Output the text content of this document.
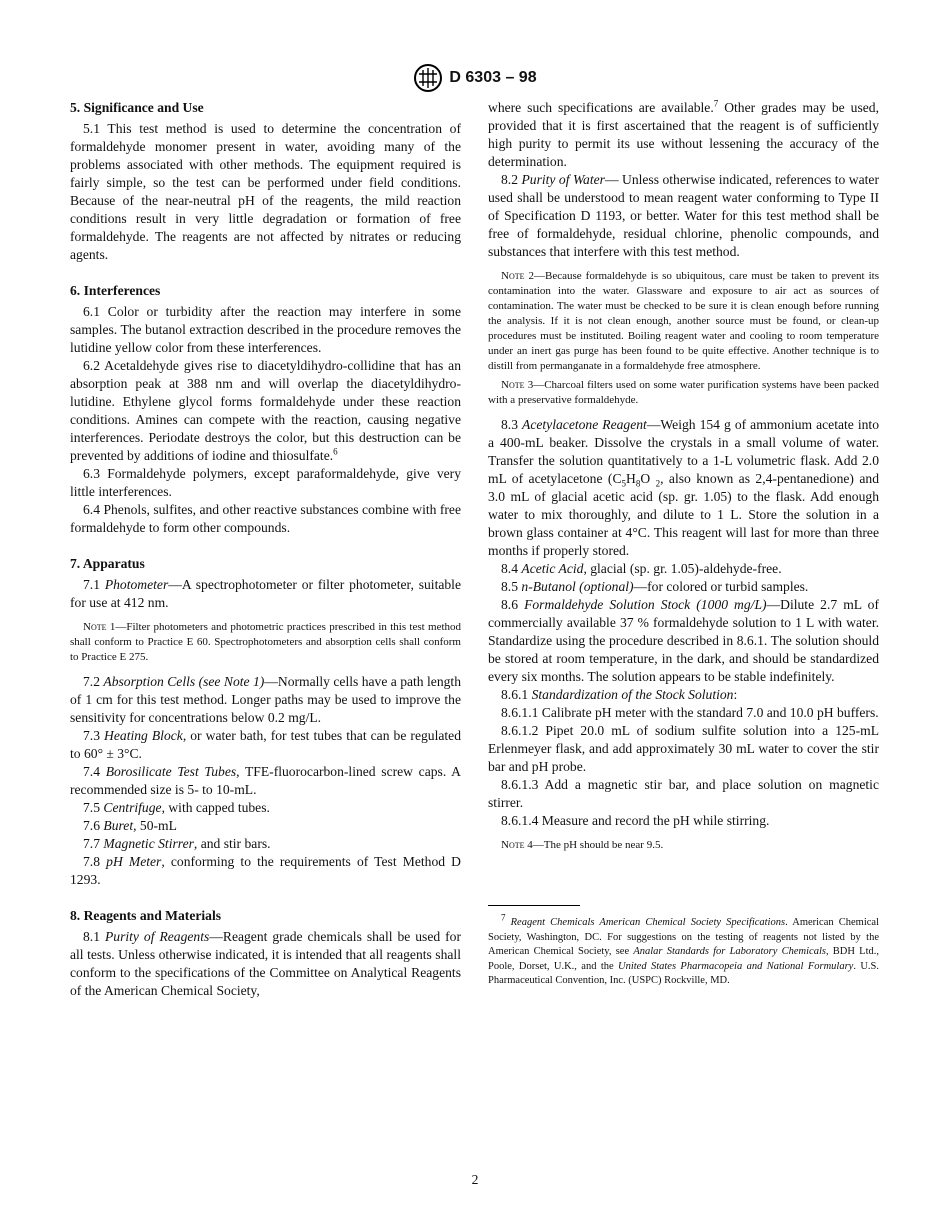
D 6303 – 98
5. Significance and Use

5.1 This test method is used to determine the concentration of formaldehyde monomer present in water, avoiding many of the problems associated with other methods. The equipment required is fairly simple, so the test can be performed under field conditions. Because of the near-neutral pH of the reagents, the mild reaction conditions result in very little degradation or formation of free formaldehyde. The reagents are not affected by nitrates or reducing agents.

6. Interferences

6.1 Color or turbidity after the reaction may interfere in some samples. The butanol extraction described in the procedure removes the lutidine yellow color from these interferences.

6.2 Acetaldehyde gives rise to diacetyldihydro-collidine that has an absorption peak at 388 nm and will overlap the diacetyldihydro-lutidine. Ethylene glycol forms formaldehyde under these reaction conditions. Amines can compete with the reaction, causing negative interferences. Periodate destroys the color, but this destruction can be prevented by additions of iodine and thiosulfate.$^6$

6.3 Formaldehyde polymers, except paraformaldehyde, give very little interferences.

6.4 Phenols, sulfites, and other reactive substances combine with free formaldehyde to form other compounds.

7. Apparatus

7.1 Photometer—A spectrophotometer or filter photometer, suitable for use at 412 nm.

Note 1—Filter photometers and photometric practices prescribed in this test method shall conform to Practice E 60. Spectrophotometers and absorption cells shall conform to Practice E 275.

7.2 Absorption Cells (see Note 1)—Normally cells have a path length of 1 cm for this test method. Longer paths may be used to improve the sensitivity for concentrations below 0.2 mg/L.

7.3 Heating Block, or water bath, for test tubes that can be regulated to 60° ± 3°C.

7.4 Borosilicate Test Tubes, TFE-fluorocarbon-lined screw caps. A recommended size is 5- to 10-mL.

7.5 Centrifuge, with capped tubes.

7.6 Buret, 50-mL

7.7 Magnetic Stirrer, and stir bars.

7.8 pH Meter, conforming to the requirements of Test Method D 1293.

8. Reagents and Materials

8.1 Purity of Reagents—Reagent grade chemicals shall be used for all tests. Unless otherwise indicated, it is intended that all reagents shall conform to the specifications of the Committee on Analytical Reagents of the American Chemical Society,

where such specifications are available.$^7$ Other grades may be used, provided that it is first ascertained that the reagent is of sufficiently high purity to permit its use without lessening the accuracy of the determination.

8.2 Purity of Water— Unless otherwise indicated, references to water used shall be understood to mean reagent water conforming to Type II of Specification D 1193, or better. Water for this test method shall be free of formaldehyde, residual chlorine, phenolic compounds, and substances that interfere with this test method.

Note 2—Because formaldehyde is so ubiquitous, care must be taken to prevent its contamination into the water. Glassware and exposure to air act as sources of contamination. The water must be checked to be sure it is clean enough before running the analysis. If it is not clean enough, another source must be found, or clean-up procedures must be instituted. Boiling reagent water and cooling to room temperature under an inert gas purge has been found to be quite effective. Another technique is to distill from permanganate in a formaldehyde free atmosphere.

Note 3—Charcoal filters used on some water purification systems have been packed with a preservative formaldehyde.

8.3 Acetylacetone Reagent—Weigh 154 g of ammonium acetate into a 400-mL beaker. Dissolve the crystals in a small volume of water. Transfer the solution quantitatively to a 1-L volumetric flask. Add 2.0 mL of acetylacetone ($C_5H_8O$ $_2$, also known as 2,4-pentanedione) and 3.0 mL of glacial acetic acid (sp. gr. 1.05) to the flask. Add enough water to mix thoroughly, and dilute to 1 L. Store the solution in a brown glass container at 4°C. This reagent will last for more than three months if properly stored.

8.4 Acetic Acid, glacial (sp. gr. 1.05)-aldehyde-free.

8.5 n-Butanol (optional)—for colored or turbid samples.

8.6 Formaldehyde Solution Stock (1000 mg/L)—Dilute 2.7 mL of commercially available 37 % formaldehyde solution to 1 L with water. Standardize using the procedure described in 8.6.1. The solution should be stored at room temperature, in the dark, and should be standardized every six months. The solution appears to be stable indefinitely.

8.6.1 Standardization of the Stock Solution:

8.6.1.1 Calibrate pH meter with the standard 7.0 and 10.0 pH buffers.

8.6.1.2 Pipet 20.0 mL of sodium sulfite solution into a 125-mL Erlenmeyer flask, and add approximately 30 mL water to cover the stir bar and pH probe.

8.6.1.3 Add a magnetic stir bar, and place solution on magnetic stirrer.

8.6.1.4 Measure and record the pH while stirring.

Note 4—The pH should be near 9.5.

$^7$ Reagent Chemicals American Chemical Society Specifications. American Chemical Society, Washington, DC. For suggestions on the testing of reagents not listed by the American Chemical Society, see Analar Standards for Laboratory Chemicals, BDH Ltd., Poole, Dorset, U.K., and the United States Pharmacopeia and National Formulary. U.S. Pharmaceutical Convention, Inc. (USPC) Rockville, MD.

2
